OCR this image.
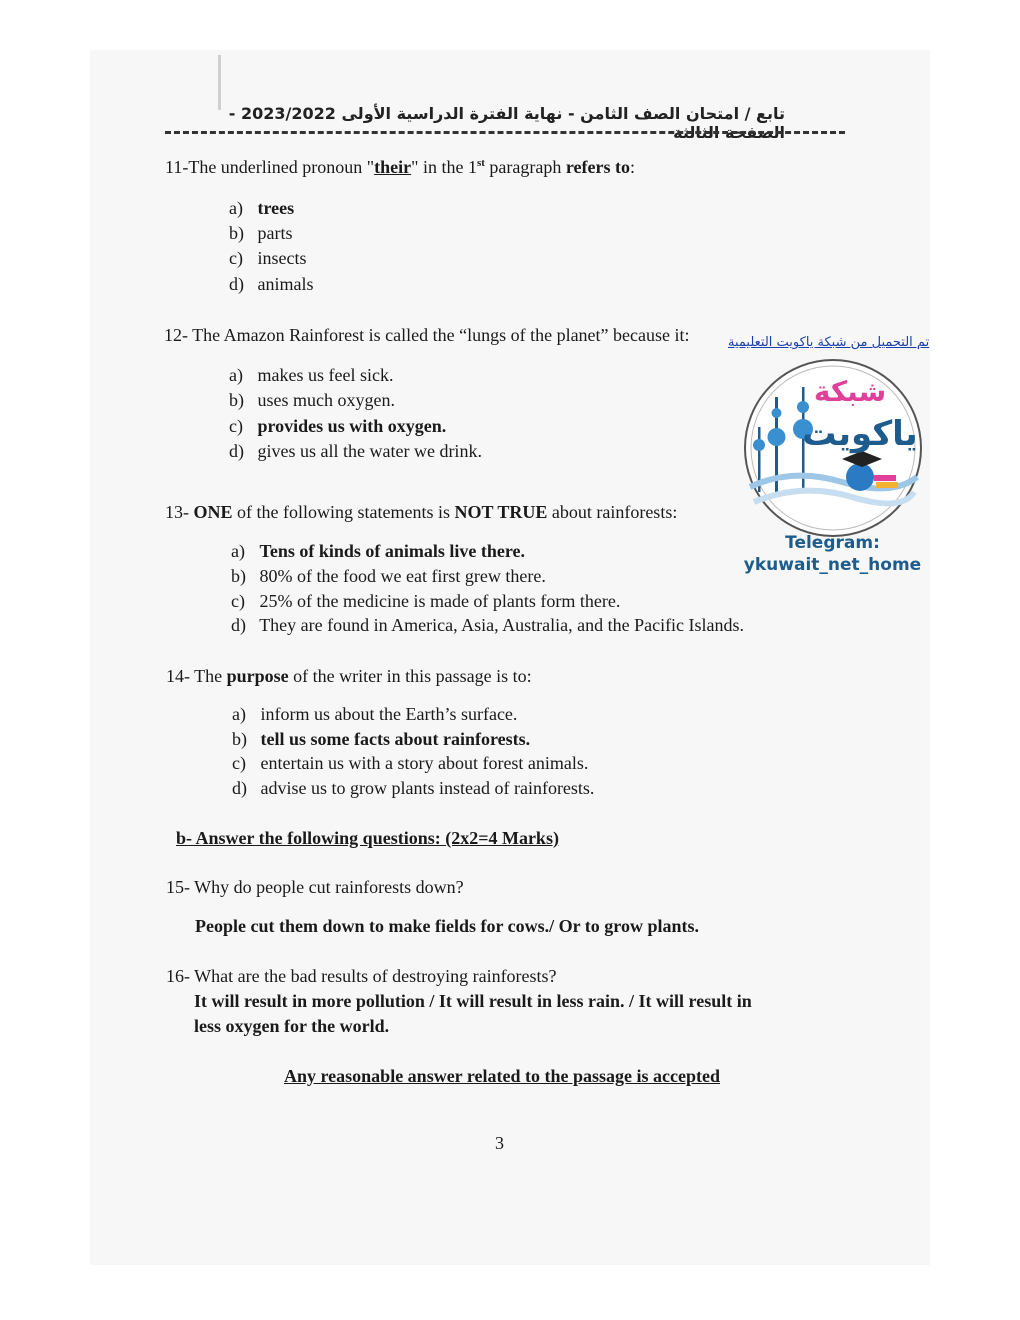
تابع / امتحان الصف الثامن - نهاية الفترة الدراسية الأولى 2023/2022 - الصفحة الثالثة
11-The underlined pronoun "their" in the 1st paragraph refers to:
a) trees
b) parts
c) insects
d) animals
12- The Amazon Rainforest is called the “lungs of the planet” because it:
a) makes us feel sick.
b) uses much oxygen.
c) provides us with oxygen.
d) gives us all the water we drink.
13- ONE of the following statements is NOT TRUE about rainforests:
a) Tens of kinds of animals live there.
b) 80% of the food we eat first grew there.
c) 25% of the medicine is made of plants form there.
d) They are found in America, Asia, Australia, and the Pacific Islands.
14- The purpose of the writer in this passage is to:
a) inform us about the Earth’s surface.
b) tell us some facts about rainforests.
c) entertain us with a story about forest animals.
d) advise us to grow plants instead of rainforests.
b- Answer the following questions: (2x2=4 Marks)
15- Why do people cut rainforests down?
People cut them down to make fields for cows./ Or to grow plants.
16- What are the bad results of destroying rainforests?
It will result in more pollution / It will result in less rain. / It will result in
less oxygen for the world.
Any reasonable answer related to the passage is accepted
3
تم التحميل من شبكة ياكويت التعليمية
شبكة
ياكويت
Telegram:
ykuwait_net_home
